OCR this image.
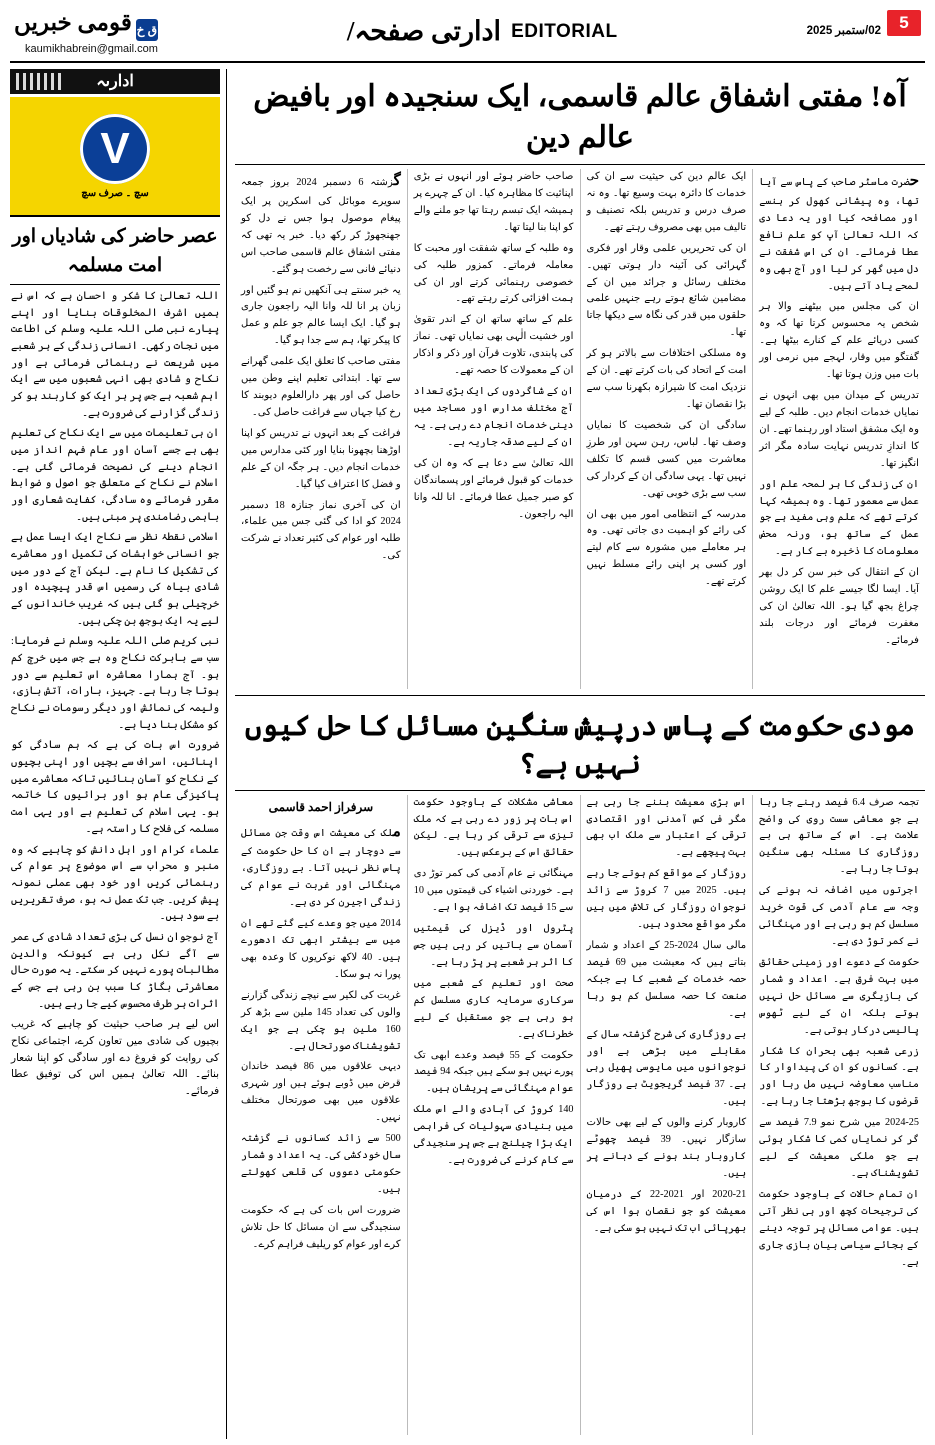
5
02/ستمبر 2025
EDITORIAL ادارتی صفحہ/
ق خقومی خبریں
kaumikhabrein@gmail.com
آہ! مفتی اشفاق عالم قاسمی، ایک سنجیدہ اور بافیض عالم دین

حضرت ماسٹر صاحب کے پاس سے آیا تھا، وہ پیشانی کھول کر ہنسے اور مصافحہ کیا اور یہ دعا دی کہ اللہ تعالیٰ آپ کو علم نافع عطا فرمائے۔ ان کی اس شفقت نے دل میں گھر کر لیا اور آج بھی وہ لمحے یاد آتے ہیں۔

ان کی مجلس میں بیٹھنے والا ہر شخص یہ محسوس کرتا تھا کہ وہ کسی دریائے علم کے کنارے بیٹھا ہے۔ گفتگو میں وقار، لہجے میں نرمی اور بات میں وزن ہوتا تھا۔

تدریس کے میدان میں بھی انہوں نے نمایاں خدمات انجام دیں۔ طلبہ کے لیے وہ ایک مشفق استاد اور رہنما تھے۔ ان کا اندازِ تدریس نہایت سادہ مگر اثر انگیز تھا۔

ان کی زندگی کا ہر لمحہ علم اور عمل سے معمور تھا۔ وہ ہمیشہ کہا کرتے تھے کہ علم وہی مفید ہے جو عمل کے ساتھ ہو، ورنہ محض معلومات کا ذخیرہ بے کار ہے۔

ان کے انتقال کی خبر سن کر دل بھر آیا۔ ایسا لگا جیسے علم کا ایک روشن چراغ بجھ گیا ہو۔ اللہ تعالیٰ ان کی مغفرت فرمائے اور درجات بلند فرمائے۔

ایک عالم دین کی حیثیت سے ان کی خدمات کا دائرہ بہت وسیع تھا۔ وہ نہ صرف درس و تدریس بلکہ تصنیف و تالیف میں بھی مصروف رہتے تھے۔

ان کی تحریریں علمی وقار اور فکری گہرائی کی آئینہ دار ہوتی تھیں۔ مختلف رسائل و جرائد میں ان کے مضامین شائع ہوتے رہے جنہیں علمی حلقوں میں قدر کی نگاہ سے دیکھا جاتا تھا۔

وہ مسلکی اختلافات سے بالاتر ہو کر امت کے اتحاد کی بات کرتے تھے۔ ان کے نزدیک امت کا شیرازہ بکھرنا سب سے بڑا نقصان تھا۔

سادگی ان کی شخصیت کا نمایاں وصف تھا۔ لباس، رہن سہن اور طرزِ معاشرت میں کسی قسم کا تکلف نہیں تھا۔ یہی سادگی ان کے کردار کی سب سے بڑی خوبی تھی۔

مدرسہ کے انتظامی امور میں بھی ان کی رائے کو اہمیت دی جاتی تھی۔ وہ ہر معاملے میں مشورہ سے کام لیتے اور کسی پر اپنی رائے مسلط نہیں کرتے تھے۔

صاحب حاضر ہوئے اور انہوں نے بڑی اپنائیت کا مظاہرہ کیا۔ ان کے چہرے پر ہمیشہ ایک تبسم رہتا تھا جو ملنے والے کو اپنا بنا لیتا تھا۔

وہ طلبہ کے ساتھ شفقت اور محبت کا معاملہ فرماتے۔ کمزور طلبہ کی خصوصی رہنمائی کرتے اور ان کی ہمت افزائی کرتے رہتے تھے۔

علم کے ساتھ ساتھ ان کے اندر تقویٰ اور خشیت الٰہی بھی نمایاں تھی۔ نماز کی پابندی، تلاوت قرآن اور ذکر و اذکار ان کے معمولات کا حصہ تھے۔

ان کے شاگردوں کی ایک بڑی تعداد آج مختلف مدارس اور مساجد میں دینی خدمات انجام دے رہی ہے۔ یہ ان کے لیے صدقہ جاریہ ہے۔

اللہ تعالیٰ سے دعا ہے کہ وہ ان کی خدمات کو قبول فرمائے اور پسماندگان کو صبر جمیل عطا فرمائے۔ انا للہ وانا الیہ راجعون۔

گزشتہ 6 دسمبر 2024 بروز جمعہ سویرے موبائل کی اسکرین پر ایک پیغام موصول ہوا جس نے دل کو جھنجھوڑ کر رکھ دیا۔ خبر یہ تھی کہ مفتی اشفاق عالم قاسمی صاحب اس دنیائے فانی سے رخصت ہو گئے۔

یہ خبر سنتے ہی آنکھیں نم ہو گئیں اور زبان پر انا للہ وانا الیہ راجعون جاری ہو گیا۔ ایک ایسا عالم جو علم و عمل کا پیکر تھا، ہم سے جدا ہو گیا۔

مفتی صاحب کا تعلق ایک علمی گھرانے سے تھا۔ ابتدائی تعلیم اپنے وطن میں حاصل کی اور پھر دارالعلوم دیوبند کا رخ کیا جہاں سے فراغت حاصل کی۔

فراغت کے بعد انہوں نے تدریس کو اپنا اوڑھنا بچھونا بنایا اور کئی مدارس میں خدمات انجام دیں۔ ہر جگہ ان کے علم و فضل کا اعتراف کیا گیا۔

ان کی آخری نماز جنازہ 18 دسمبر 2024 کو ادا کی گئی جس میں علماء، طلبہ اور عوام کی کثیر تعداد نے شرکت کی۔

مودی حکومت کے پاس درپیش سنگین مسائل کا حل کیوں نہیں ہے؟

تجمہ صرف 6.4 فیصد رہنے جا رہا ہے جو معاشی سست روی کی واضح علامت ہے۔ اس کے ساتھ ہی بے روزگاری کا مسئلہ بھی سنگین ہوتا جا رہا ہے۔

اجرتوں میں اضافہ نہ ہونے کی وجہ سے عام آدمی کی قوت خرید مسلسل کم ہو رہی ہے اور مہنگائی نے کمر توڑ دی ہے۔

حکومت کے دعوے اور زمینی حقائق میں بہت فرق ہے۔ اعداد و شمار کی بازیگری سے مسائل حل نہیں ہوتے بلکہ ان کے لیے ٹھوس پالیسی درکار ہوتی ہے۔

زرعی شعبہ بھی بحران کا شکار ہے۔ کسانوں کو ان کی پیداوار کا مناسب معاوضہ نہیں مل رہا اور قرضوں کا بوجھ بڑھتا جا رہا ہے۔

2024-25 میں شرح نمو 7.9 فیصد سے گر کر نمایاں کمی کا شکار ہوئی ہے جو ملکی معیشت کے لیے تشویشناک ہے۔

ان تمام حالات کے باوجود حکومت کی ترجیحات کچھ اور ہی نظر آتی ہیں۔ عوامی مسائل پر توجہ دینے کے بجائے سیاسی بیان بازی جاری ہے۔

اس بڑی معیشت بننے جا رہی ہے مگر فی کس آمدنی اور اقتصادی ترقی کے اعتبار سے ملک اب بھی بہت پیچھے ہے۔

روزگار کے مواقع کم ہوتے جا رہے ہیں۔ 2025 میں 7 کروڑ سے زائد نوجوان روزگار کی تلاش میں ہیں مگر مواقع محدود ہیں۔

مالی سال 2024-25 کے اعداد و شمار بتاتے ہیں کہ معیشت میں 69 فیصد حصہ خدمات کے شعبے کا ہے جبکہ صنعت کا حصہ مسلسل کم ہو رہا ہے۔

بے روزگاری کی شرح گزشتہ سال کے مقابلے میں بڑھی ہے اور نوجوانوں میں مایوسی پھیل رہی ہے۔ 37 فیصد گریجویٹ بے روزگار ہیں۔

کاروبار کرنے والوں کے لیے بھی حالات سازگار نہیں۔ 39 فیصد چھوٹے کاروبار بند ہونے کے دہانے پر ہیں۔

2020-21 اور 2021-22 کے درمیان معیشت کو جو نقصان ہوا اس کی بھرپائی اب تک نہیں ہو سکی ہے۔

معاشی مشکلات کے باوجود حکومت اس بات پر زور دے رہی ہے کہ ملک تیزی سے ترقی کر رہا ہے۔ لیکن حقائق اس کے برعکس ہیں۔

مہنگائی نے عام آدمی کی کمر توڑ دی ہے۔ خوردنی اشیاء کی قیمتوں میں 10 سے 15 فیصد تک اضافہ ہوا ہے۔

پٹرول اور ڈیزل کی قیمتیں آسمان سے باتیں کر رہی ہیں جس کا اثر ہر شعبے پر پڑ رہا ہے۔

صحت اور تعلیم کے شعبے میں سرکاری سرمایہ کاری مسلسل کم ہو رہی ہے جو مستقبل کے لیے خطرناک ہے۔

حکومت کے 55 فیصد وعدے ابھی تک پورے نہیں ہو سکے ہیں جبکہ 94 فیصد عوام مہنگائی سے پریشان ہیں۔

140 کروڑ کی آبادی والے اس ملک میں بنیادی سہولیات کی فراہمی ایک بڑا چیلنج ہے جس پر سنجیدگی سے کام کرنے کی ضرورت ہے۔

سرفراز احمد قاسمی

ملک کی معیشت اس وقت جن مسائل سے دوچار ہے ان کا حل حکومت کے پاس نظر نہیں آتا۔ بے روزگاری، مہنگائی اور غربت نے عوام کی زندگی اجیرن کر دی ہے۔

2014 میں جو وعدے کیے گئے تھے ان میں سے بیشتر ابھی تک ادھورے ہیں۔ 40 لاکھ نوکریوں کا وعدہ بھی پورا نہ ہو سکا۔

غربت کی لکیر سے نیچے زندگی گزارنے والوں کی تعداد 145 ملین سے بڑھ کر 160 ملین ہو چکی ہے جو ایک تشویشناک صورتحال ہے۔

دیہی علاقوں میں 86 فیصد خاندان قرض میں ڈوبے ہوئے ہیں اور شہری علاقوں میں بھی صورتحال مختلف نہیں۔

500 سے زائد کسانوں نے گزشتہ سال خودکشی کی۔ یہ اعداد و شمار حکومتی دعووں کی قلعی کھولتے ہیں۔

ضرورت اس بات کی ہے کہ حکومت سنجیدگی سے ان مسائل کا حل تلاش کرے اور عوام کو ریلیف فراہم کرے۔

ادارىہ
V
سچ ۔ صرف سچ
عصر حاضر کی شادیاں اور امت مسلمہ

اللہ تعالیٰ کا شکر و احسان ہے کہ اس نے ہمیں اشرف المخلوقات بنایا اور اپنے پیارے نبی صلی اللہ علیہ وسلم کی اطاعت میں نجات رکھی۔ انسانی زندگی کے ہر شعبے میں شریعت نے رہنمائی فرمائی ہے اور نکاح و شادی بھی انہی شعبوں میں سے ایک اہم شعبہ ہے جس پر ہر ایک کو کاربند ہو کر زندگی گزارنے کی ضرورت ہے۔

ان ہی تعلیمات میں سے ایک نکاح کی تعلیم بھی ہے جسے آسان اور عام فہم انداز میں انجام دینے کی نصیحت فرمائی گئی ہے۔ اسلام نے نکاح کے متعلق جو اصول و ضوابط مقرر فرمائے وہ سادگی، کفایت شعاری اور باہمی رضامندی پر مبنی ہیں۔

اسلامی نقطۂ نظر سے نکاح ایک ایسا عمل ہے جو انسانی خواہشات کی تکمیل اور معاشرے کی تشکیل کا نام ہے۔ لیکن آج کے دور میں شادی بیاہ کی رسمیں اس قدر پیچیدہ اور خرچیلی ہو گئی ہیں کہ غریب خاندانوں کے لیے یہ ایک بوجھ بن چکی ہیں۔

نبی کریم صلی اللہ علیہ وسلم نے فرمایا: سب سے بابرکت نکاح وہ ہے جس میں خرچ کم ہو۔ آج ہمارا معاشرہ اس تعلیم سے دور ہوتا جا رہا ہے۔ جہیز، بارات، آتش بازی، ولیمہ کی نمائش اور دیگر رسومات نے نکاح کو مشکل بنا دیا ہے۔

ضرورت اس بات کی ہے کہ ہم سادگی کو اپنائیں، اسراف سے بچیں اور اپنی بچیوں کے نکاح کو آسان بنائیں تاکہ معاشرے میں پاکیزگی عام ہو اور برائیوں کا خاتمہ ہو۔ یہی اسلام کی تعلیم ہے اور یہی امت مسلمہ کی فلاح کا راستہ ہے۔

علماء کرام اور اہل دانش کو چاہیے کہ وہ منبر و محراب سے اس موضوع پر عوام کی رہنمائی کریں اور خود بھی عملی نمونہ پیش کریں۔ جب تک عمل نہ ہو، صرف تقریریں بے سود ہیں۔

آج نوجوان نسل کی بڑی تعداد شادی کی عمر سے آگے نکل رہی ہے کیونکہ والدین مطالبات پورے نہیں کر سکتے۔ یہ صورت حال معاشرتی بگاڑ کا سبب بن رہی ہے جس کے اثرات ہر طرف محسوس کیے جا رہے ہیں۔

اس لیے ہر صاحب حیثیت کو چاہیے کہ غریب بچیوں کی شادی میں تعاون کرے، اجتماعی نکاح کی روایت کو فروغ دے اور سادگی کو اپنا شعار بنائے۔ اللہ تعالیٰ ہمیں اس کی توفیق عطا فرمائے۔
